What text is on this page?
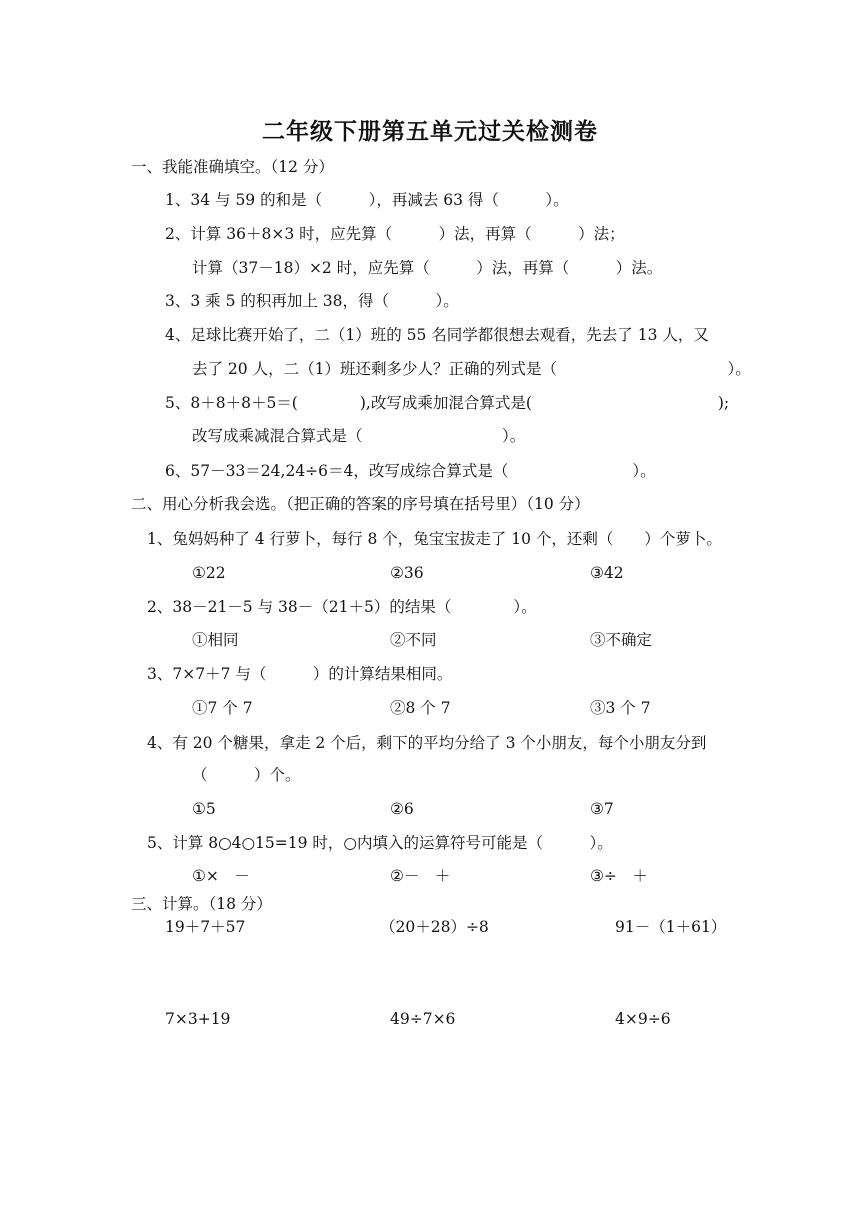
二年级下册第五单元过关检测卷
一、我能准确填空。（12 分）
1、34 与 59 的和是（　　　），再减去 63 得（　　　）。
2、计算 36＋8×3 时，应先算（　　　）法，再算（　　　）法；
计算（37－18）×2 时，应先算（　　　）法，再算（　　　）法。
3、3 乘 5 的积再加上 38，得（　　　）。
4、足球比赛开始了，二（1）班的 55 名同学都很想去观看，先去了 13 人，又
去了 20 人，二（1）班还剩多少人？正确的列式是（　　　　　　　　　　　）。
5、8＋8＋8＋5＝(　　　　),改写成乘加混合算式是(　　　　　　　　　　　　);
改写成乘减混合算式是（　　　　　　　　　）。
6、57－33＝24,24÷6＝4，改写成综合算式是（　　　　　　　　）。
二、用心分析我会选。（把正确的答案的序号填在括号里）（10 分）
1、兔妈妈种了 4 行萝卜，每行 8 个，兔宝宝拔走了 10 个，还剩（　　）个萝卜。
①22	②36	③42
2、38－21－5 与 38－（21＋5）的结果（　　　　）。
①相同	②不同	③不确定
3、7×7＋7 与（　　　）的计算结果相同。
①7 个 7	②8 个 7	③3 个 7
4、有 20 个糖果，拿走 2 个后，剩下的平均分给了 3 个小朋友，每个小朋友分到
（　　　）个。
①5	②6	③7
5、计算 8○4○15=19 时，○内填入的运算符号可能是（　　　）。
①×　－	②－　＋	③÷　＋
三、计算。（18 分）
19＋7＋57	（20＋28）÷8	91－（1＋61）
7×3+19	49÷7×6	4×9÷6
